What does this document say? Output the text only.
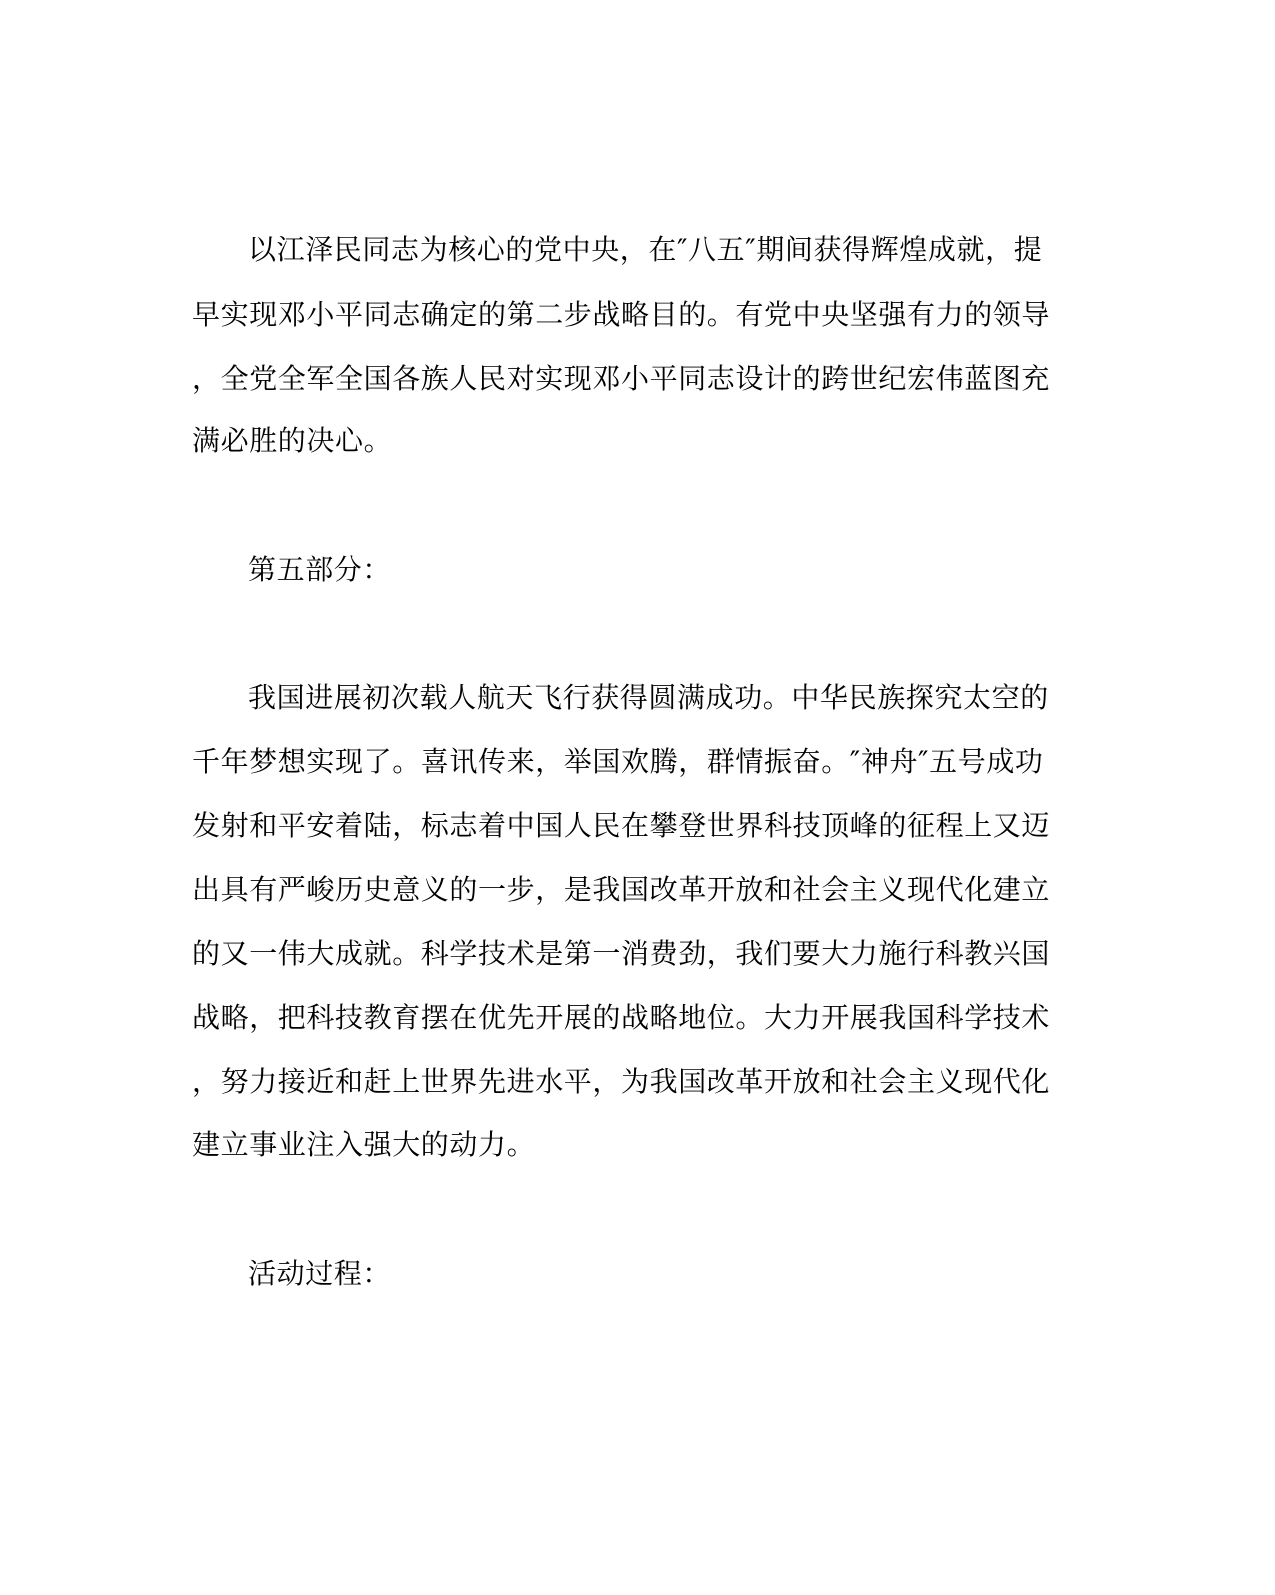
以江泽民同志为核心的党中央，在″八五″期间获得辉煌成就，提
早实现邓小平同志确定的第二步战略目的。有党中央坚强有力的领导
，全党全军全国各族人民对实现邓小平同志设计的跨世纪宏伟蓝图充
满必胜的决心。
第五部分：
我国进展初次载人航天飞行获得圆满成功。中华民族探究太空的
千年梦想实现了。喜讯传来，举国欢腾，群情振奋。″神舟″五号成功
发射和平安着陆，标志着中国人民在攀登世界科技顶峰的征程上又迈
出具有严峻历史意义的一步，是我国改革开放和社会主义现代化建立
的又一伟大成就。科学技术是第一消费劲，我们要大力施行科教兴国
战略，把科技教育摆在优先开展的战略地位。大力开展我国科学技术
，努力接近和赶上世界先进水平，为我国改革开放和社会主义现代化
建立事业注入强大的动力。
活动过程：
